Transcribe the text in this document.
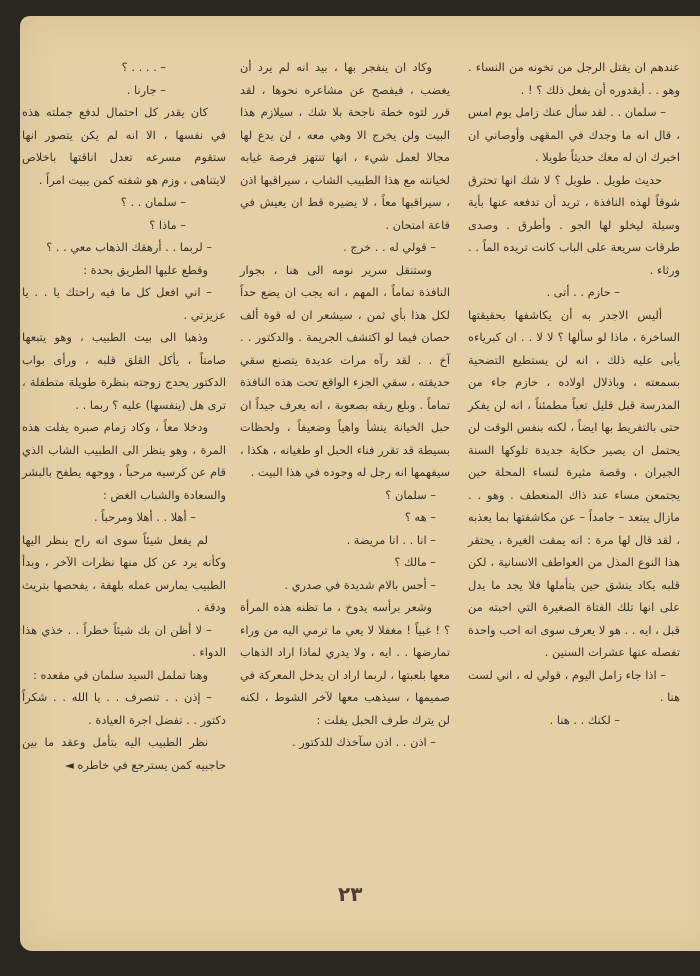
عندهم ان يقتل الرجل من تخونه من النساء . وهو . . أيقدوره أن يفعل ذلك ؟ ! .

– سلمان . . لقد سأل عنك زامل يوم امس ، قال انه ما وجدك في المقهى وأوصاني ان اخبرك ان له معك حديثاً طويلا .

حديث طويل . طويل ؟ لا شك انها تحترق شوقاً لهذه النافذة ، تريد أن تدفعه عنها بأية وسيلة ليخلو لها الجو . وأطرق . وصدى طرقات سريعة على الباب كانت تريده الماً . . ورثاء .

– حازم . . أتى .

أليس الاجدر به أن يكاشفها بحقيقتها الساخرة ، ماذا لو سألها ؟ لا لا . . ان كبرياءه يأبى عليه ذلك ، انه لن يستطيع التضحية بسمعته ، وباذلال اولاده ، حازم جاء من المدرسة قبل قليل تعباً مطمئناً ، انه لن يفكر حتى بالتفريط بها ايضاً ، لكنه بنفس الوقت لن يحتمل ان يصير حكاية جديدة تلوكها السنة الجيران ، وقصة مثيرة لنساء المحلة حين يجتمعن مساء عند ذاك المنعطف . وهو . . مازال يبتعد – جامداً – عن مكاشفتها بما يعذبه ، لقد قال لها مرة : انه يمقت الغيرة ، يحتقر هذا النوع المذل من العواطف الانسانية ، لكن قلبه يكاد ينشق حين يتأملها فلا يجد ما يدل على انها تلك الفتاة الصغيرة التي احبته من قبل ، ايه . . هو لا يعرف سوى انه احب واحدة تفصله عنها عشرات السنين .

– اذا جاء زامل اليوم ، قولي له ، اني لست هنا .

– لكنك . . هنا .

وكاد ان ينفجر بها ، بيد انه لم يرد أن يغضب ، فيفصح عن مشاعره نحوها ، لقد قرر لتوه خطة ناجحة بلا شك ، سيلازم هذا البيت ولن يخرج الا وهي معه ، لن يدع لها مجالا لعمل شيء ، انها تنتهز فرصة غيابه لخيانته مع هذا الطبيب الشاب ، سيراقبها اذن ، سيراقبها معاً ، لا يضيره قط ان يعيش في قاعة امتحان .

– قولي له . . خرج .

وستنقل سرير نومه الى هنا ، بجوار النافذة تماماً ، المهم ، انه يجب ان يضع حداً لكل هذا بأي ثمن ، سيشعر ان له قوة ألف حصان فيما لو اكتشف الجريمة . والدكتور . . آخ . . لقد رآه مرات عديدة يتصنع سقي حديقته ، سقي الجزء الواقع تحت هذه النافذة تماماً . وبلع ريقه بصعوبة ، انه يعرف جيداً ان حبل الخيانة ينشأ واهياً وضعيفاً ، ولحظات بسيطة قد تقرر فناء الحبل او طغيانه ، هكذا ، سيفهمها انه رجل له وجوده في هذا البيت .

– سلمان ؟

– هه ؟

– انا . . انا مريضة .

– مالك ؟

– أحس بالام شديدة في صدري .

وشعر برأسه يدوخ ، ما تظنه هذه المرأة ؟ ! غبياً ! مغفلا لا يعي ما ترمي اليه من وراء تمارضها . . ايه ، ولا يدري لماذا اراد الذهاب معها بلعبتها ، لربما اراد ان يدخل المعركة في صميمها ، سيذهب معها لآخر الشوط ، لكنه لن يترك طرف الحبل يفلت :

– اذن . . اذن سآخذك للدكتور .

– . . . . ؟

– جارنا .

كان يقدر كل احتمال لدفع جملته هذه في نفسها ، الا انه لم يكن يتصور انها ستقوم مسرعه تعدل اناقتها باخلاص لايتناهى ، وزم هو شفته كمن يبيت امراً .

– سلمان . . ؟

– ماذا ؟

– لربما . . أرهقك الذهاب معي . . ؟

وقطع عليها الطريق بحدة :

– اني افعل كل ما فيه راحتك يا . . يا عزيزتي .

وذهبا الى بيت الطبيب ، وهو يتبعها صامتاً ، يأكل القلق قلبه ، ورأى بواب الدكتور يحدج زوجته بنظرة طويلة متطفلة ، ترى هل (ينفسها) عليه ؟ ربما . .

ودخلا معاً ، وكاد زمام صبره يفلت هذه المرة ، وهو ينظر الى الطبيب الشاب الذي قام عن كرسيه مرحباً ، ووجهه يطفح بالبشر والسعادة والشباب الغض :

– أهلا . . أهلا ومرحباً .

لم يفعل شيئاً سوى انه راح ينظر اليها وكأنه يرد عن كل منها نظرات الآخر ، وبدأ الطبيب يمارس عمله بلهفة ، يفحصها بتريث ودقة .

– لا أظن ان بك شيئاً خطراً . . خذي هذا الدواء .

وهنا تململ السيد سلمان في مقعده :

– إذن . . تنصرف . . يا الله . . شكراً دكتور . . تفضل اجرة العيادة .

نظر الطبيب اليه بتأمل وعقد ما بين حاجبيه كمن يسترجع في خاطره ◄

٢٣
